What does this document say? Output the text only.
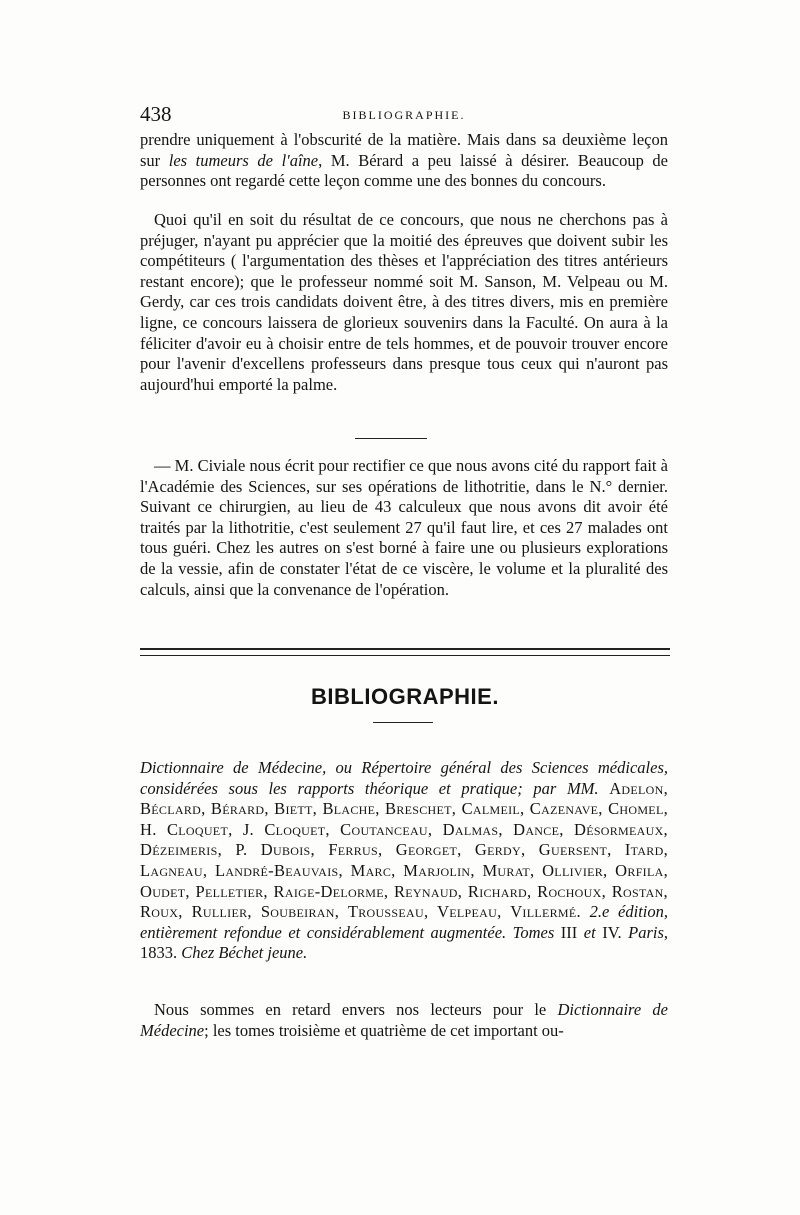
438	BIBLIOGRAPHIE.

prendre uniquement à l'obscurité de la matière. Mais dans sa deuxième leçon sur les tumeurs de l'aîne, M. Bérard a peu laissé à désirer. Beaucoup de personnes ont regardé cette leçon comme une des bonnes du concours.

Quoi qu'il en soit du résultat de ce concours, que nous ne cherchons pas à préjuger, n'ayant pu apprécier que la moitié des épreuves que doivent subir les compétiteurs ( l'argumentation des thèses et l'appréciation des titres antérieurs restant encore); que le professeur nommé soit M. Sanson, M. Velpeau ou M. Gerdy, car ces trois candidats doivent être, à des titres divers, mis en première ligne, ce concours laissera de glorieux souvenirs dans la Faculté. On aura à la féliciter d'avoir eu à choisir entre de tels hommes, et de pouvoir trouver encore pour l'avenir d'excellens professeurs dans presque tous ceux qui n'auront pas aujourd'hui emporté la palme.

— M. Civiale nous écrit pour rectifier ce que nous avons cité du rapport fait à l'Académie des Sciences, sur ses opérations de lithotritie, dans le N.° dernier. Suivant ce chirurgien, au lieu de 43 calculeux que nous avons dit avoir été traités par la lithotritie, c'est seulement 27 qu'il faut lire, et ces 27 malades ont tous guéri. Chez les autres on s'est borné à faire une ou plusieurs explorations de la vessie, afin de constater l'état de ce viscère, le volume et la pluralité des calculs, ainsi que la convenance de l'opération.

BIBLIOGRAPHIE.

Dictionnaire de Médecine, ou Répertoire général des Sciences médicales, considérées sous les rapports théorique et pratique; par MM. Adelon, Béclard, Bérard, Biett, Blache, Breschet, Calmeil, Cazenave, Chomel, H. Cloquet, J. Cloquet, Coutanceau, Dalmas, Dance, Désormeaux, Dézeimeris, P. Dubois, Ferrus, Georget, Gerdy, Guersent, Itard, Lagneau, Landré-Beauvais, Marc, Marjolin, Murat, Ollivier, Orfila, Oudet, Pelletier, Raige-Delorme, Reynaud, Richard, Rochoux, Rostan, Roux, Rullier, Soubeiran, Trousseau, Velpeau, Villermé. 2.e édition, entièrement refondue et considérablement augmentée. Tomes III et IV. Paris, 1833. Chez Béchet jeune.

Nous sommes en retard envers nos lecteurs pour le Dictionnaire de Médecine; les tomes troisième et quatrième de cet important ou-
